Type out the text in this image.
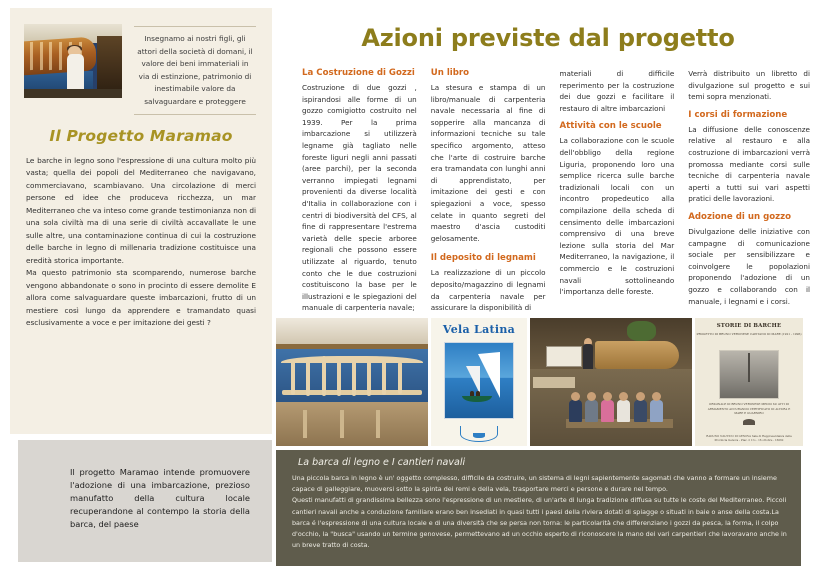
Insegnamo ai nostri figli, gli attori della società di domani, il valore dei beni immateriali in via di estinzione, patrimonio di inestimabile valore da salvaguardare e proteggere
Il Progetto Maramao

Le barche in legno sono l'espressione di una cultura molto più vasta; quella dei popoli del Mediterraneo che navigavano, commerciavano, scambiavano. Una circolazione di merci persone ed idee che produceva ricchezza, un mar Mediterraneo che va inteso come grande testimonianza non di una sola civiltà ma di una serie di civiltà accavallate le une sulle altre, una contaminazione continua di cui la costruzione delle barche in legno di millenaria tradizione costituisce una eredità storica importante.

Ma questo patrimonio sta scomparendo, numerose barche vengono abbandonate o sono in procinto di essere demolite E allora come salvaguardare queste imbarcazioni, frutto di un mestiere così lungo da apprendere e tramandato quasi esclusivamente a voce e per imitazione dei gesti ?

Il progetto Maramao intende promuovere l'adozione di una imbarcazione, prezioso manufatto della cultura locale recuperandone al contempo la storia della barca, del paese
Azioni previste dal progetto
La Costruzione di Gozzi

Costruzione di due gozzi , ispirandosi alle forme di un gozzo comigiotto costruito nel 1939. Per la prima imbarcazione si utilizzerà legname già tagliato nelle foreste liguri negli anni passati (aree parchi), per la seconda verranno impiegati legnami provenienti da diverse località d'Italia in collaborazione con i centri di biodiversità del CFS, al fine di rappresentare l'estrema varietà delle specie arboree regionali che possono essere utilizzate al riguardo, tenuto conto che le due costruzioni costituiscono la base per le illustrazioni e le spiegazioni del manuale di carpenteria navale;

Un libro

La stesura e stampa di un libro/manuale di carpenteria navale necessaria al fine di sopperire alla mancanza di informazioni tecniche su tale specifico argomento, atteso che l'arte di costruire barche era tramandata con lunghi anni di apprendistato, per imitazione dei gesti e con spiegazioni a voce, spesso celate in quanto segreti del maestro d'ascia custoditi gelosamente.

Il deposito di legnami

La realizzazione di un piccolo deposito/magazzino di legnami da carpenteria navale per assicurare la disponibilità di

materiali di difficile reperimento per la costruzione dei due gozzi e facilitare il restauro di altre imbarcazioni

Attività con le scuole

La collaborazione con le scuole dell'obbligo della regione Liguria, proponendo loro una semplice ricerca sulle barche tradizionali locali con un incontro propedeutico alla compilazione della scheda di censimento delle imbarcazioni comprensivo di una breve lezione sulla storia del Mar Mediterraneo, la navigazione, il commercio e le costruzioni navali sottolineando l'importanza delle foreste.

Verrà distribuito un libretto di divulgazione sul progetto e sui temi sopra menzionati.

I corsi di formazione

La diffusione delle conoscenze relative al restauro e alla costruzione di imbarcazioni verrà promossa mediante corsi sulle tecniche di carpenteria navale aperti a tutti sui vari aspetti pratici delle lavorazioni.

Adozione di un gozzo

Divulgazione delle iniziative con campagne di comunicazione sociale per sensibilizzare e coinvolgere le popolazioni proponendo l'adozione di un gozzo e collaborando con il manuale, i legnami e i corsi.

Vela Latina	STORIE DI BARCHE
PROGETTO DI BRUNO VERONESE CAPITANO DI MARE (1921 - 1996)
ORIGINALE DI BRUNO VERONESE MEDIO SU ATTI DI ARMAMENTO ACCURANDO CERTIFICATO DI ALTURA E MARE E GUARNIRO
RADUNO NAUTICO DI GENOVA Sala di Rappresentanza della Provincia Genova - Piaz. 2 1ro - 16 ottobre - 16062
La barca di legno e I cantieri navali

Una piccola barca in legno è un' oggetto complesso, difficile da costruire, un sistema di legni sapientemente sagomati che vanno a formare un insieme capace di galleggiare, muoversi sotto la spinta dei remi e della vela, trasportare merci e persone e durare nel tempo.

Questi manufatti di grandissima bellezza sono l'espressione di un mestiere, di un'arte di lunga tradizione diffusa su tutte le coste del Mediterraneo. Piccoli cantieri navali anche a conduzione familiare erano ben insediati in quasi tutti i paesi della riviera dotati di spiagge o situati in baie o anse della costa.La barca é l'espressione di una cultura locale e di una diversità che se persa non torna: le particolarità che differenziano i gozzi da pesca, la forma, il colpo d'occhio, la "busca" usando un termine genovese, permettevano ad un occhio esperto di riconoscere la mano dei vari carpentieri che lavoravano anche in un breve tratto di costa.
